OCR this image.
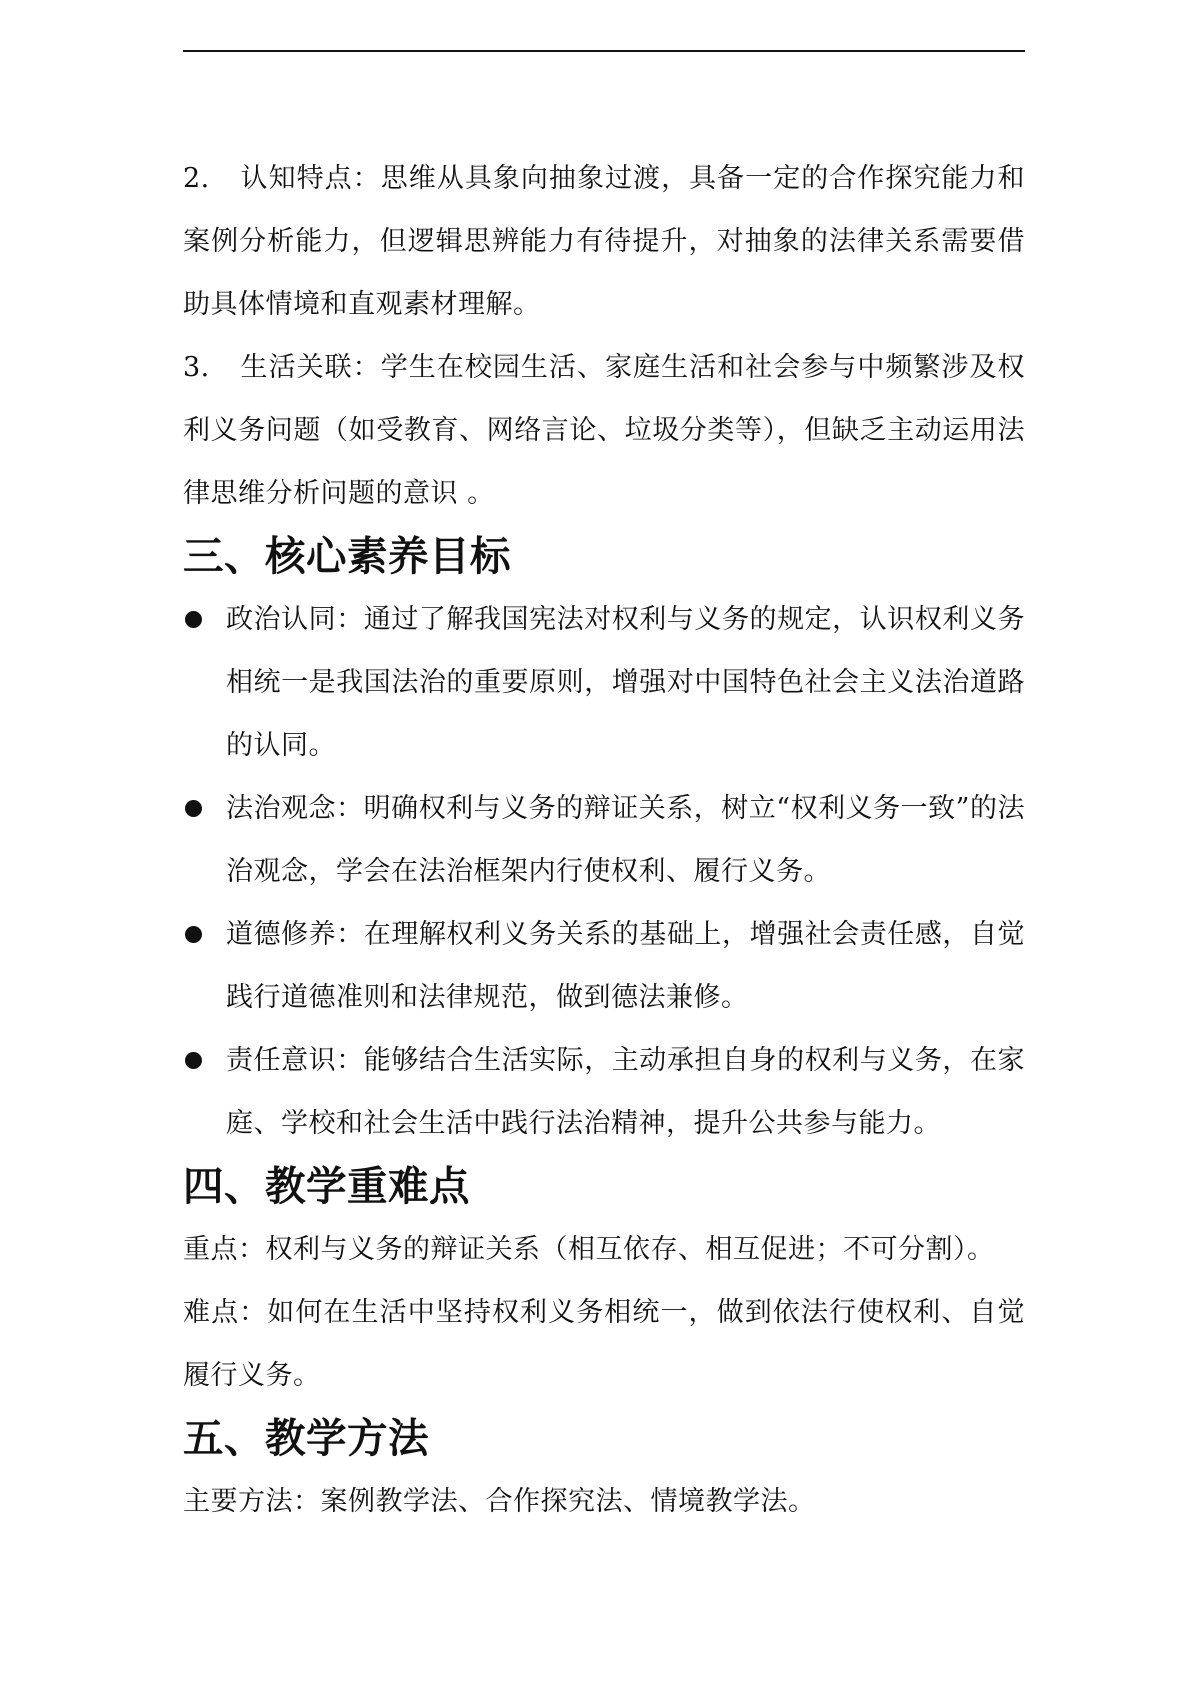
2. 认知特点：思维从具象向抽象过渡，具备一定的合作探究能力和案例分析能力，但逻辑思辨能力有待提升，对抽象的法律关系需要借助具体情境和直观素材理解。

3. 生活关联：学生在校园生活、家庭生活和社会参与中频繁涉及权利义务问题（如受教育、网络言论、垃圾分类等），但缺乏主动运用法律思维分析问题的意识 。

三、核心素养目标

政治认同：通过了解我国宪法对权利与义务的规定，认识权利义务相统一是我国法治的重要原则，增强对中国特色社会主义法治道路的认同。

法治观念：明确权利与义务的辩证关系，树立“权利义务一致”的法治观念，学会在法治框架内行使权利、履行义务。

道德修养：在理解权利义务关系的基础上，增强社会责任感，自觉践行道德准则和法律规范，做到德法兼修。

责任意识：能够结合生活实际，主动承担自身的权利与义务，在家庭、学校和社会生活中践行法治精神，提升公共参与能力。

四、教学重难点

重点：权利与义务的辩证关系（相互依存、相互促进；不可分割）。

难点：如何在生活中坚持权利义务相统一，做到依法行使权利、自觉履行义务。

五、教学方法

主要方法：案例教学法、合作探究法、情境教学法。
